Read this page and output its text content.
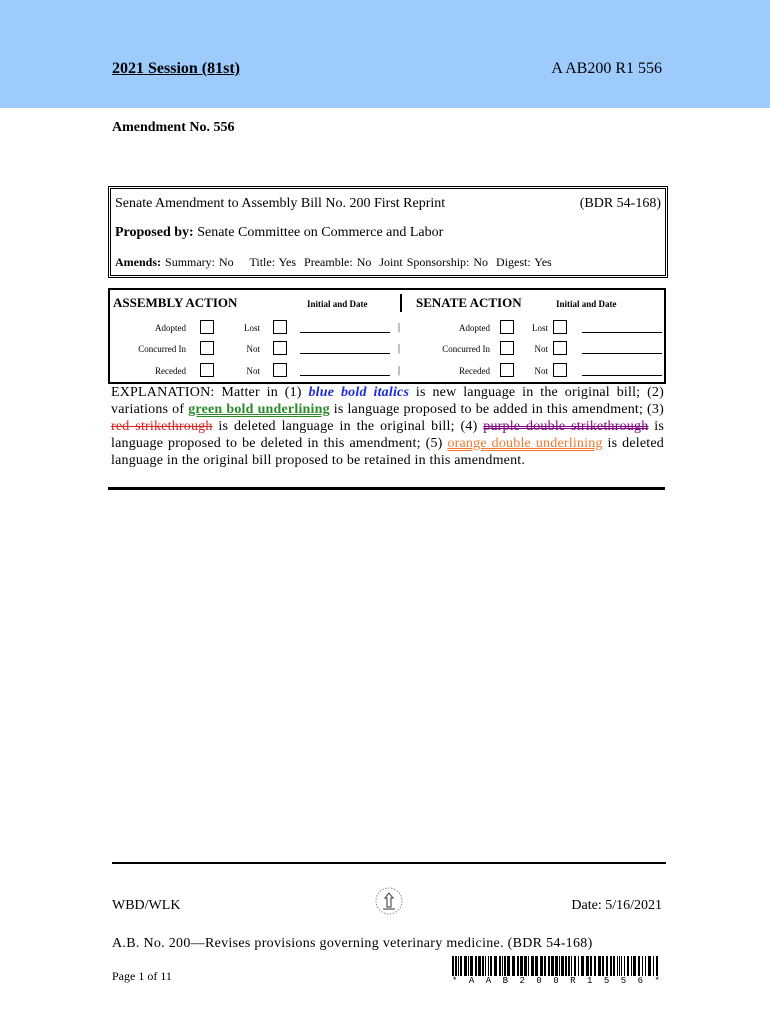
2021 Session (81st)	A AB200 R1 556
Amendment No. 556
Senate Amendment to Assembly Bill No. 200 First Reprint	(BDR 54-168)
Proposed by: Senate Committee on Commerce and Labor
Amends: Summary: No    Title: Yes  Preamble: No  Joint Sponsorship: No  Digest: Yes
ASSEMBLY ACTION	Initial and Date	SENATE ACTION	Initial and Date
Adopted	Lost	|	Adopted	Lost
Concurred In	Not	|	Concurred In	Not
Receded	Not	|	Receded	Not
EXPLANATION: Matter in (1) blue bold italics is new language in the original bill; (2) variations of green bold underlining is language proposed to be added in this amendment; (3) red strikethrough is deleted language in the original bill; (4) purple double strikethrough is language proposed to be deleted in this amendment; (5) orange double underlining is deleted language in the original bill proposed to be retained in this amendment.
WBD/WLK	Date: 5/16/2021
A.B. No. 200—Revises provisions governing veterinary medicine. (BDR 54-168)
Page 1 of 11	* A A B 2 0 0 R 1 5 5 6 *
